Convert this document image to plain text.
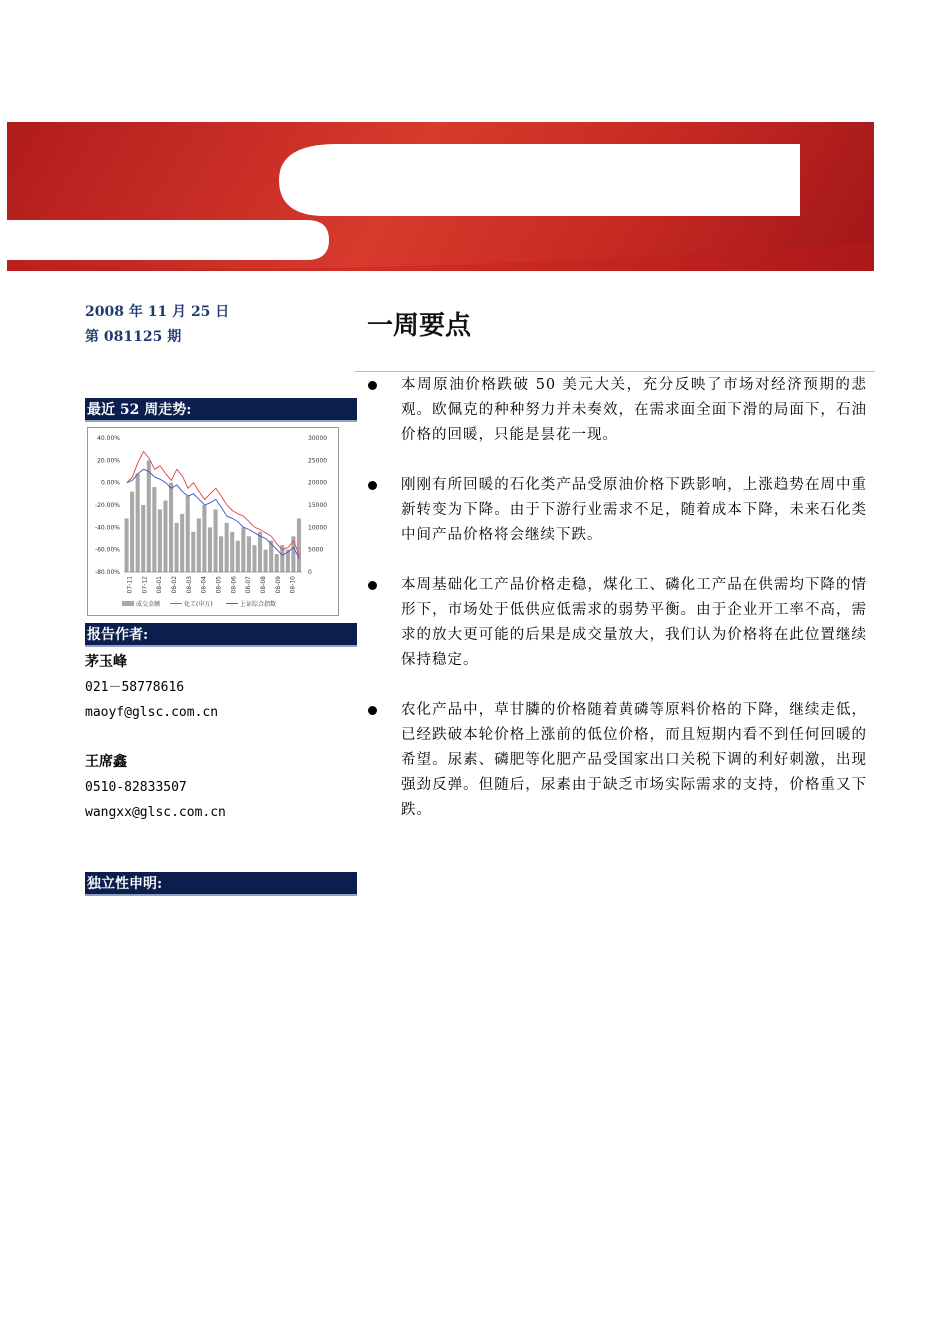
2008 年 11 月 25 日
第 081125 期
最近 52 周走势:
40.00%
20.00%
0.00%
-20.00%
-40.00%
-60.00%
-80.00%
30000
25000
20000
15000
10000
5000
0
07-11 07-12 08-01 08-02 08-03 08-04 08-05 08-06 08-07 08-08 08-09 08-10
成交金额	化工(申万)	上证综合指数
报告作者:
茅玉峰
021－58778616
maoyf@glsc.com.cn
王席鑫
0510-82833507
wangxx@glsc.com.cn
独立性申明:
一周要点
本周原油价格跌破 50 美元大关，充分反映了市场对经济预期的悲观。欧佩克的种种努力并未奏效，在需求面全面下滑的局面下，石油价格的回暖，只能是昙花一现。
刚刚有所回暖的石化类产品受原油价格下跌影响，上涨趋势在周中重新转变为下降。由于下游行业需求不足，随着成本下降，未来石化类中间产品价格将会继续下跌。
本周基础化工产品价格走稳，煤化工、磷化工产品在供需均下降的情形下，市场处于低供应低需求的弱势平衡。由于企业开工率不高，需求的放大更可能的后果是成交量放大，我们认为价格将在此位置继续保持稳定。
农化产品中，草甘膦的价格随着黄磷等原料价格的下降，继续走低，已经跌破本轮价格上涨前的低位价格，而且短期内看不到任何回暖的希望。尿素、磷肥等化肥产品受国家出口关税下调的利好刺激，出现强劲反弹。但随后，尿素由于缺乏市场实际需求的支持，价格重又下跌。
